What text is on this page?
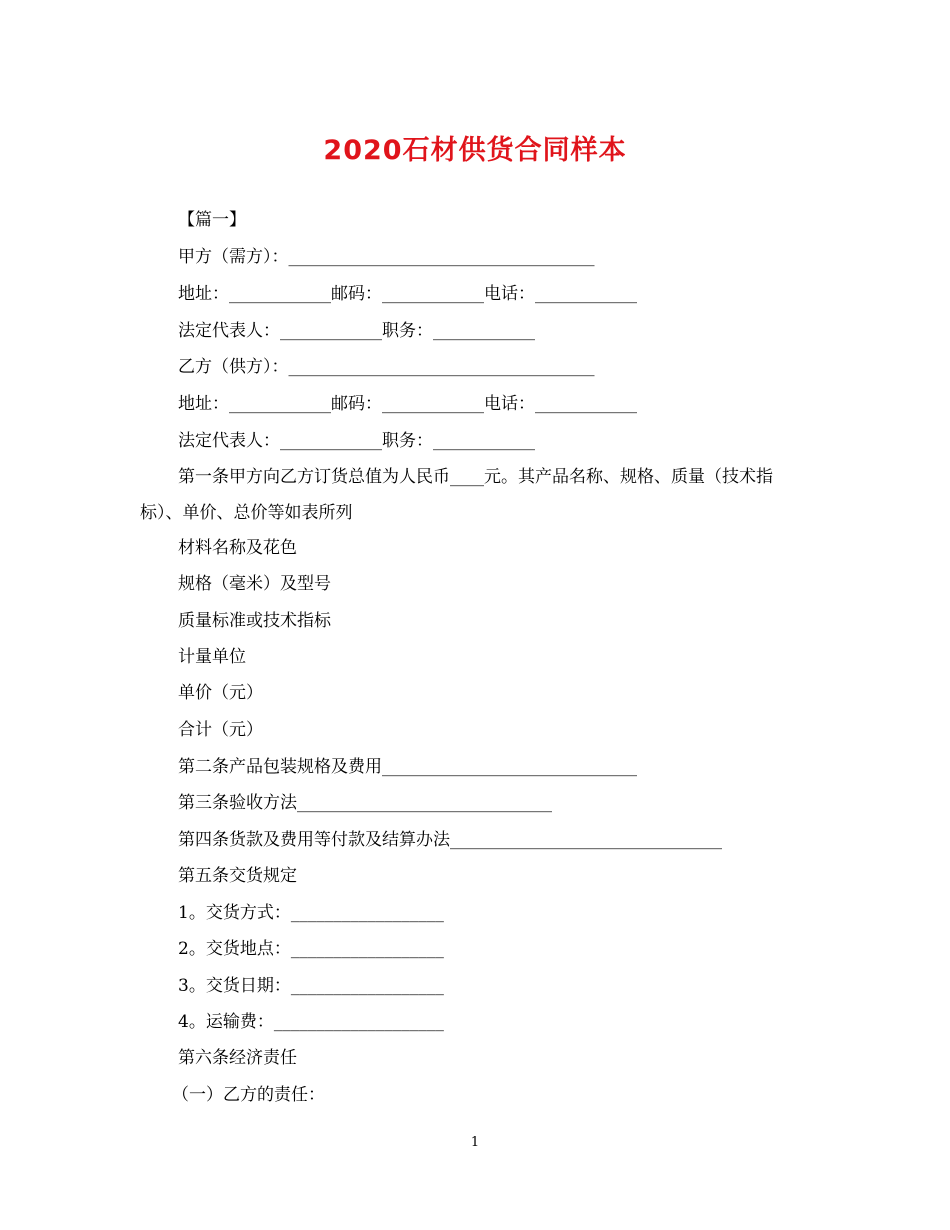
2020石材供货合同样本
【篇一】
甲方（需方）：____________________________________
地址：____________邮码：____________电话：____________
法定代表人：____________职务：____________
乙方（供方）：____________________________________
地址：____________邮码：____________电话：____________
法定代表人：____________职务：____________
第一条甲方向乙方订货总值为人民币____元。其产品名称、规格、质量（技术指标）、单价、总价等如表所列
材料名称及花色
规格（毫米）及型号
质量标准或技术指标
计量单位
单价（元）
合计（元）
第二条产品包装规格及费用______________________________
第三条验收方法______________________________
第四条货款及费用等付款及结算办法________________________________
第五条交货规定
1。交货方式：__________________
2。交货地点：__________________
3。交货日期：__________________
4。运输费：____________________
第六条经济责任
（一）乙方的责任：
1
